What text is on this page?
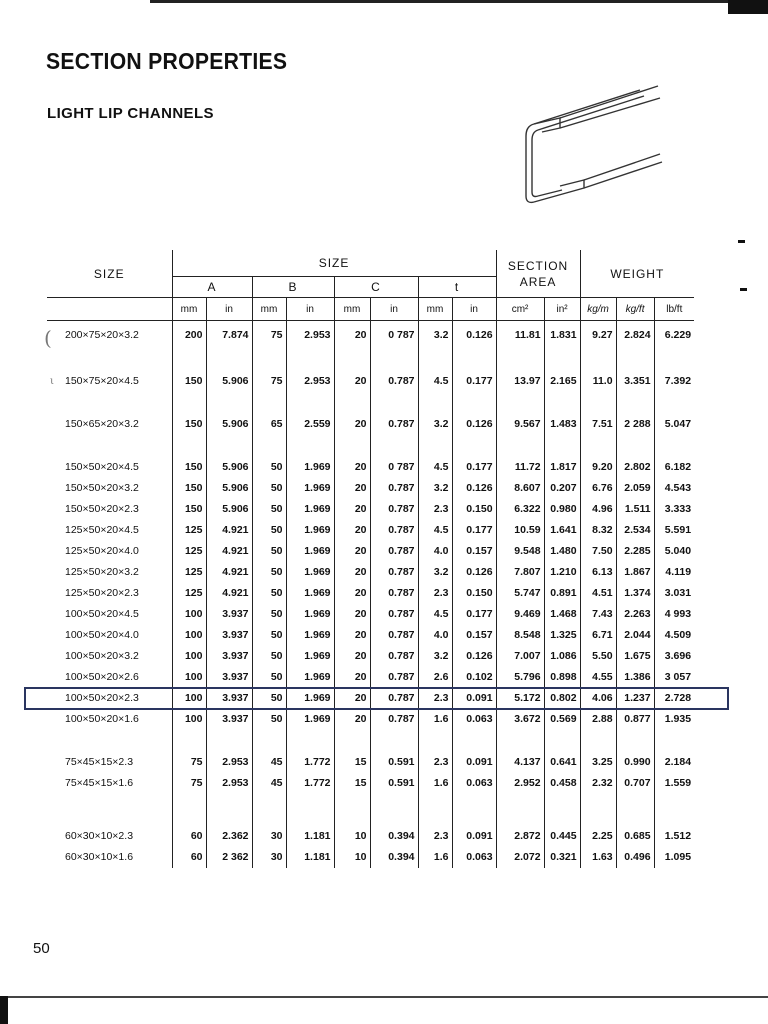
SECTION PROPERTIES
LIGHT LIP CHANNELS
(
ι
SIZE	SIZE								SECTION AREA		WEIGHT		
	A		B		C		t						
	mm	in	mm	in	mm	in	mm	in	cm²	in²	kg/m	kg/ft	lb/ft
200×75×20×3.2	200	7.874	75	2.953	20	0 787	3.2	0.126	11.81	1.831	9.27	2.824	6.229

150×75×20×4.5	150	5.906	75	2.953	20	0.787	4.5	0.177	13.97	2.165	11.0	3.351	7.392

150×65×20×3.2	150	5.906	65	2.559	20	0.787	3.2	0.126	9.567	1.483	7.51	2 288	5.047

150×50×20×4.5	150	5.906	50	1.969	20	0 787	4.5	0.177	11.72	1.817	9.20	2.802	6.182
150×50×20×3.2	150	5.906	50	1.969	20	0.787	3.2	0.126	8.607	0.207	6.76	2.059	4.543
150×50×20×2.3	150	5.906	50	1.969	20	0.787	2.3	0.150	6.322	0.980	4.96	1.511	3.333
125×50×20×4.5	125	4.921	50	1.969	20	0.787	4.5	0.177	10.59	1.641	8.32	2.534	5.591
125×50×20×4.0	125	4.921	50	1.969	20	0.787	4.0	0.157	9.548	1.480	7.50	2.285	5.040
125×50×20×3.2	125	4.921	50	1.969	20	0.787	3.2	0.126	7.807	1.210	6.13	1.867	4.119
125×50×20×2.3	125	4.921	50	1.969	20	0.787	2.3	0.150	5.747	0.891	4.51	1.374	3.031
100×50×20×4.5	100	3.937	50	1.969	20	0.787	4.5	0.177	9.469	1.468	7.43	2.263	4 993
100×50×20×4.0	100	3.937	50	1.969	20	0.787	4.0	0.157	8.548	1.325	6.71	2.044	4.509
100×50×20×3.2	100	3.937	50	1.969	20	0.787	3.2	0.126	7.007	1.086	5.50	1.675	3.696
100×50×20×2.6	100	3.937	50	1.969	20	0.787	2.6	0.102	5.796	0.898	4.55	1.386	3 057
100×50×20×2.3	100	3.937	50	1.969	20	0.787	2.3	0.091	5.172	0.802	4.06	1.237	2.728
100×50×20×1.6	100	3.937	50	1.969	20	0.787	1.6	0.063	3.672	0.569	2.88	0.877	1.935

75×45×15×2.3	75	2.953	45	1.772	15	0.591	2.3	0.091	4.137	0.641	3.25	0.990	2.184
75×45×15×1.6	75	2.953	45	1.772	15	0.591	1.6	0.063	2.952	0.458	2.32	0.707	1.559

60×30×10×2.3	60	2.362	30	1.181	10	0.394	2.3	0.091	2.872	0.445	2.25	0.685	1.512
60×30×10×1.6	60	2 362	30	1.181	10	0.394	1.6	0.063	2.072	0.321	1.63	0.496	1.095
50
